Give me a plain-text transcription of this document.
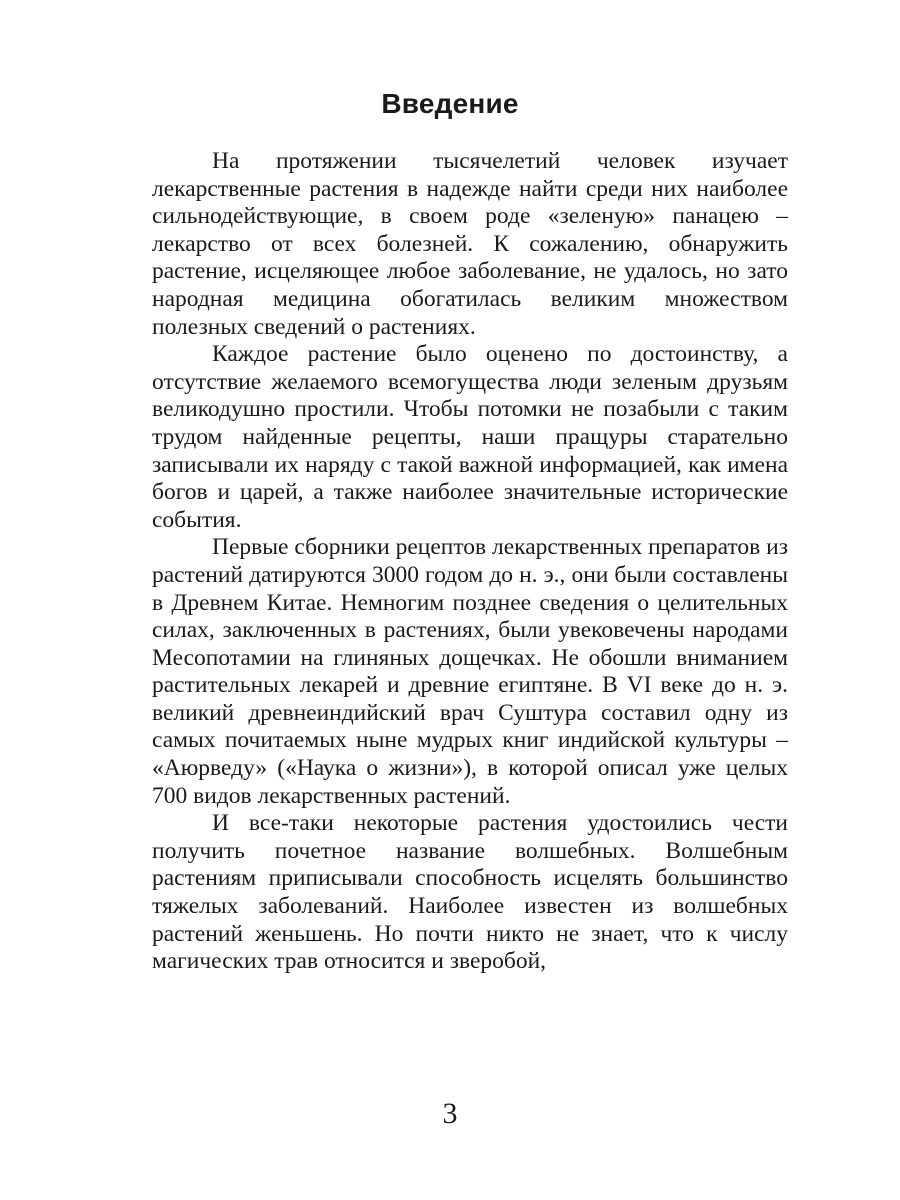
Введение

На протяжении тысячелетий человек изучает лекарственные растения в надежде найти среди них наиболее сильнодействующие, в своем роде «зеленую» панацею – лекарство от всех болезней. К сожалению, обнаружить растение, исцеляющее любое заболевание, не удалось, но зато народная медицина обогатилась великим множеством полезных сведений о растениях.

Каждое растение было оценено по достоинству, а отсутствие желаемого всемогущества люди зеленым друзьям великодушно простили. Чтобы потомки не позабыли с таким трудом найденные рецепты, наши пращуры старательно записывали их наряду с такой важной информацией, как имена богов и царей, а также наиболее значительные исторические события.

Первые сборники рецептов лекарственных препаратов из растений датируются 3000 годом до н. э., они были составлены в Древнем Китае. Немногим позднее сведения о целительных силах, заключенных в растениях, были увековечены народами Месопотамии на глиняных дощечках. Не обошли вниманием растительных лекарей и древние египтяне. В VI веке до н. э. великий древнеиндийский врач Суштура составил одну из самых почитаемых ныне мудрых книг индийской культуры – «Аюрведу» («Наука о жизни»), в которой описал уже целых 700 видов лекарственных растений.

И все-таки некоторые растения удостоились чести получить почетное название волшебных. Волшебным растениям приписывали способность исцелять большинство тяжелых заболеваний. Наиболее известен из волшебных растений женьшень. Но почти никто не знает, что к числу магических трав относится и зверобой,

3
